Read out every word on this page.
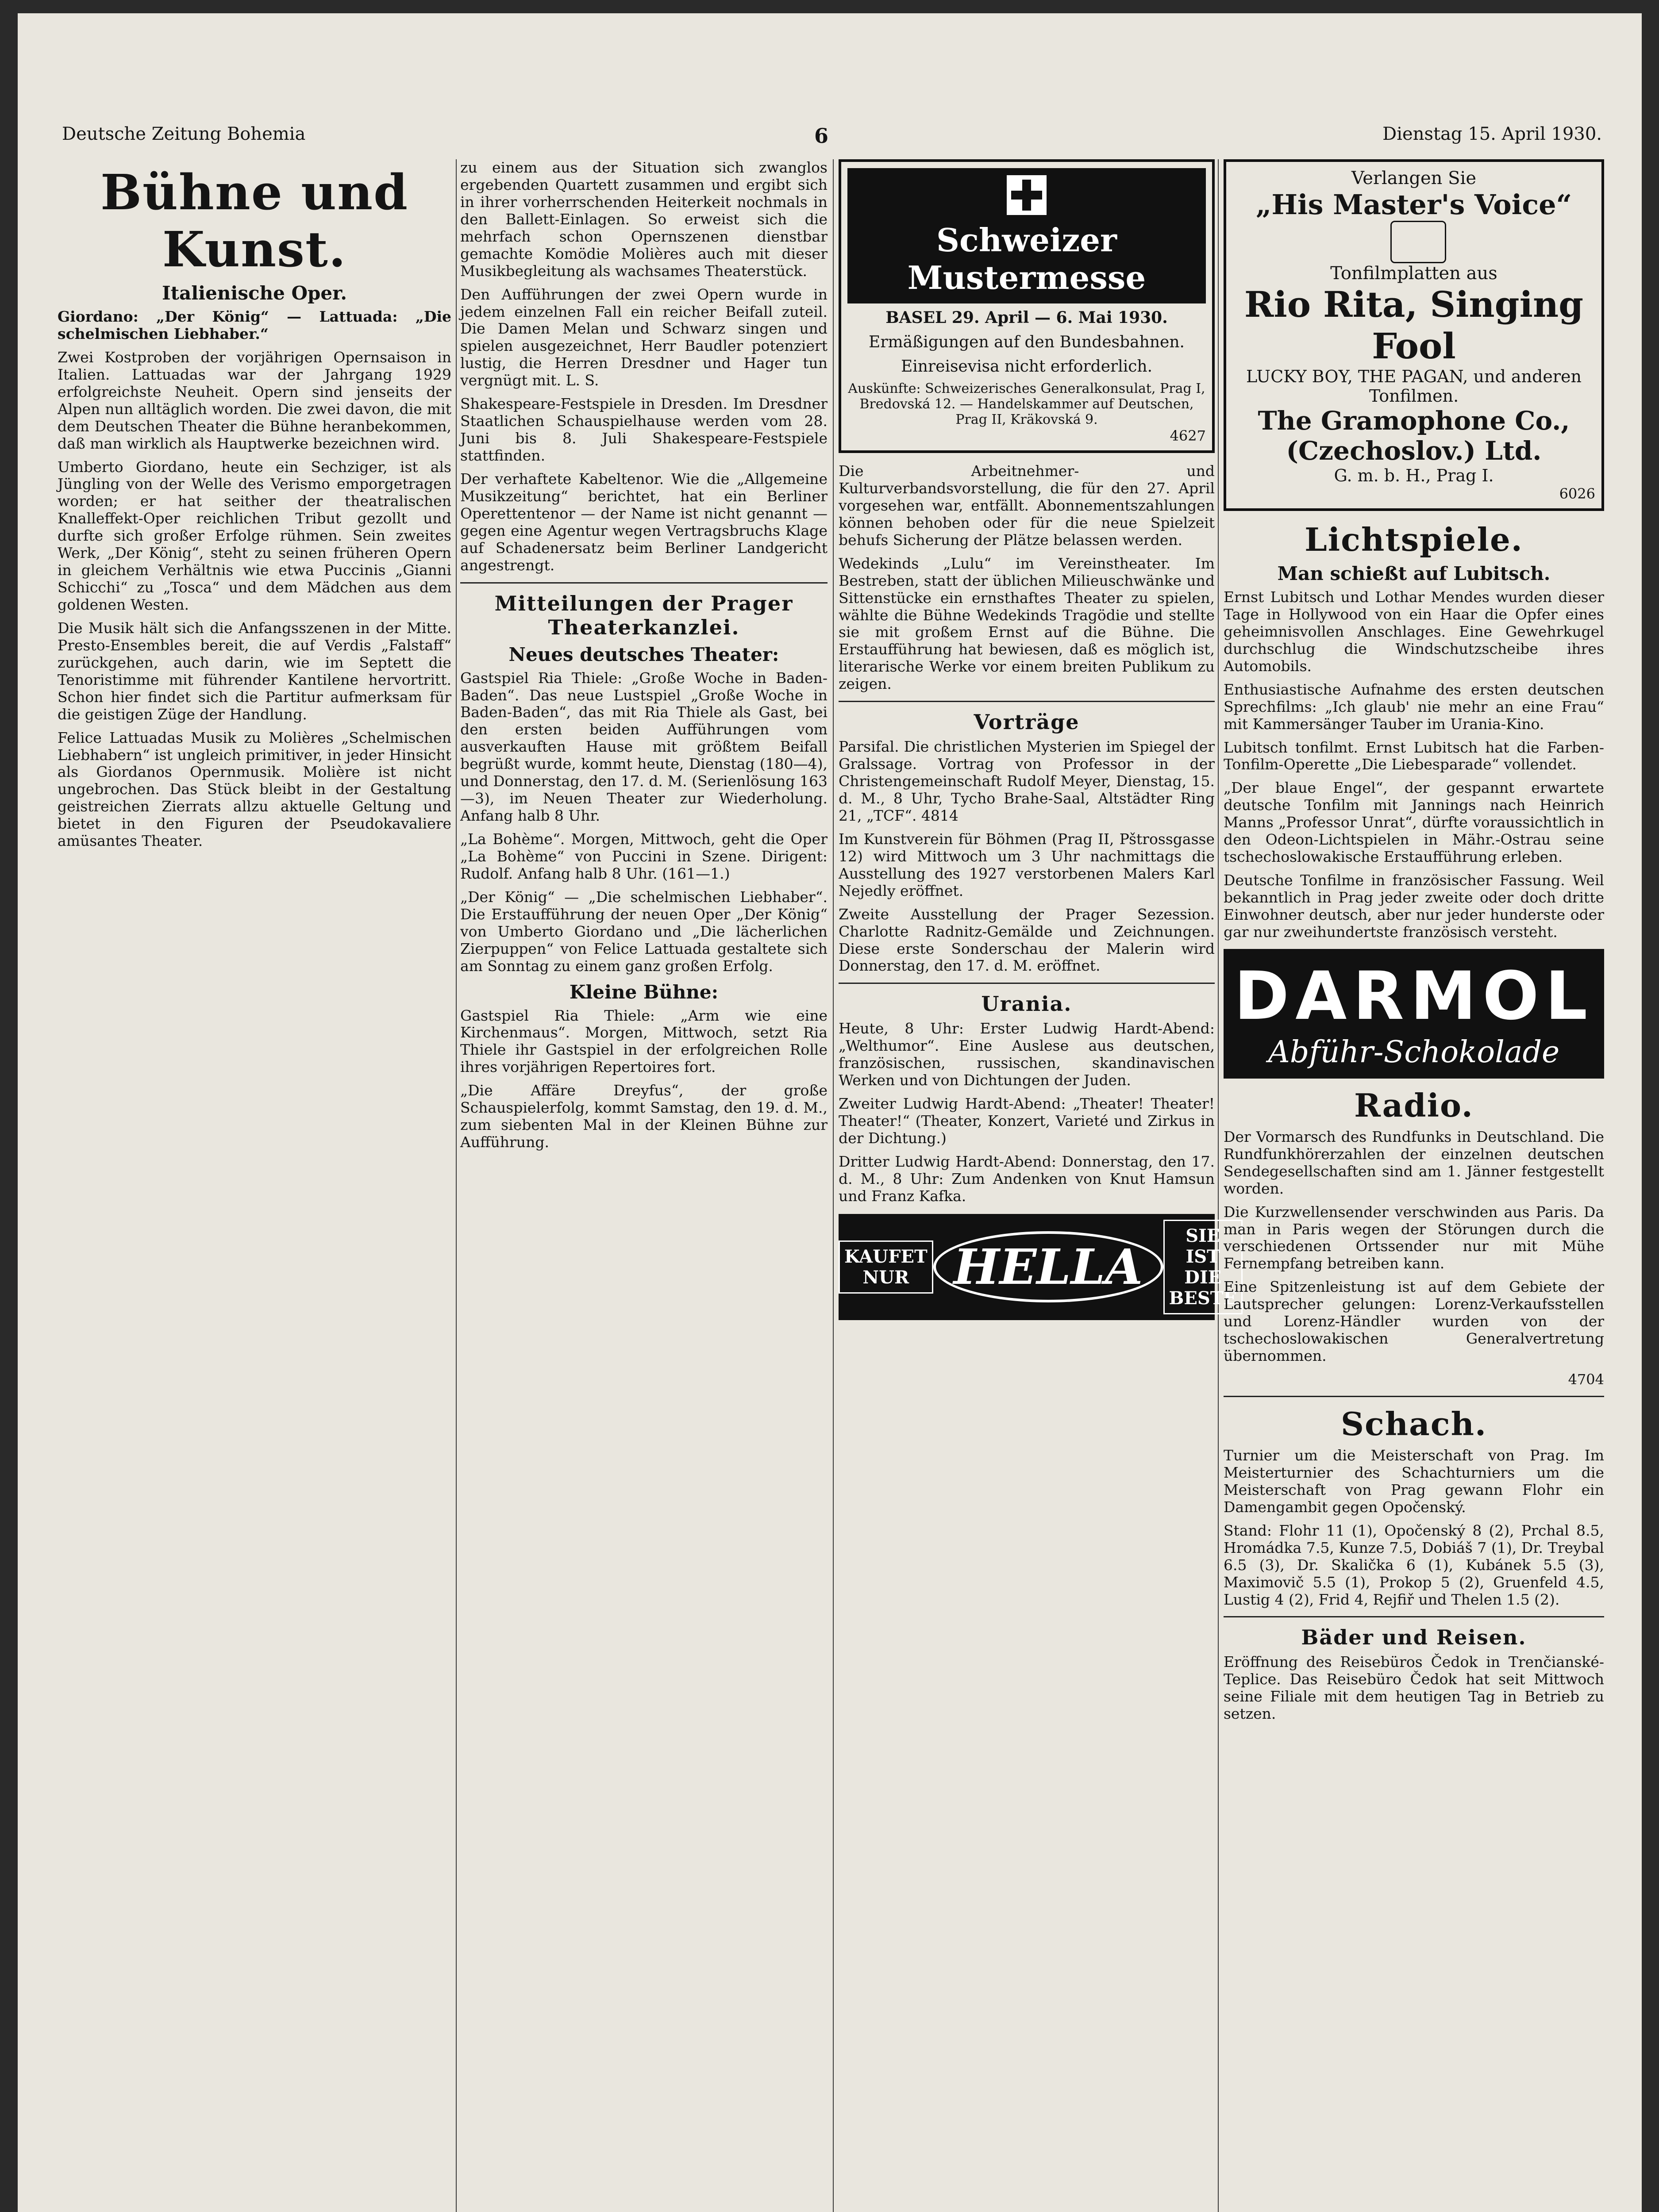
Deutsche Zeitung Bohemia	6	Dienstag 15. April 1930.
Bühne und Kunst.
Italienische Oper.

Giordano: „Der König“ — Lattuada: „Die schelmischen Liebhaber.“

Zwei Kostproben der vorjährigen Opernsaison in Italien. Lattuadas war der Jahrgang 1929 erfolgreichste Neuheit. Opern sind jenseits der Alpen nun alltäglich worden. Die zwei davon, die mit dem Deutschen Theater die Bühne heranbekommen, daß man wirklich als Hauptwerke bezeichnen wird.

Umberto Giordano, heute ein Sechziger, ist als Jüngling von der Welle des Verismo emporgetragen worden; er hat seither der theatralischen Knalleffekt-Oper reichlichen Tribut gezollt und durfte sich großer Erfolge rühmen. Sein zweites Werk, „Der König“, steht zu seinen früheren Opern in gleichem Verhältnis wie etwa Puccinis „Gianni Schicchi“ zu „Tosca“ und dem Mädchen aus dem goldenen Westen.

Die Musik hält sich die Anfangsszenen in der Mitte. Presto-Ensembles bereit, die auf Verdis „Falstaff“ zurückgehen, auch darin, wie im Septett die Tenoristimme mit führender Kantilene hervortritt. Schon hier findet sich die Partitur aufmerksam für die geistigen Züge der Handlung.

Felice Lattuadas Musik zu Molières „Schelmischen Liebhabern“ ist ungleich primitiver, in jeder Hinsicht als Giordanos Opernmusik. Molière ist nicht ungebrochen. Das Stück bleibt in der Gestaltung geistreichen Zierrats allzu aktuelle Geltung und bietet in den Figuren der Pseudokavaliere amüsantes Theater.

zu einem aus der Situation sich zwanglos ergebenden Quartett zusammen und ergibt sich in ihrer vorherrschenden Heiterkeit nochmals in den Ballett-Einlagen. So erweist sich die mehrfach schon Opernszenen dienstbar gemachte Komödie Molières auch mit dieser Musikbegleitung als wachsames Theaterstück.

Den Aufführungen der zwei Opern wurde in jedem einzelnen Fall ein reicher Beifall zuteil. Die Damen Melan und Schwarz singen und spielen ausgezeichnet, Herr Baudler potenziert lustig, die Herren Dresdner und Hager tun vergnügt mit. L. S.

Shakespeare-Festspiele in Dresden. Im Dresdner Staatlichen Schauspielhause werden vom 28. Juni bis 8. Juli Shakespeare-Festspiele stattfinden.

Der verhaftete Kabeltenor. Wie die „Allgemeine Musikzeitung“ berichtet, hat ein Berliner Operettentenor — der Name ist nicht genannt — gegen eine Agentur wegen Vertragsbruchs Klage auf Schadenersatz beim Berliner Landgericht angestrengt.

Mitteilungen der Prager Theaterkanzlei.
Neues deutsches Theater:

Gastspiel Ria Thiele: „Große Woche in Baden-Baden“. Das neue Lustspiel „Große Woche in Baden-Baden“, das mit Ria Thiele als Gast, bei den ersten beiden Aufführungen vom ausverkauften Hause mit größtem Beifall begrüßt wurde, kommt heute, Dienstag (180—4), und Donnerstag, den 17. d. M. (Serienlösung 163—3), im Neuen Theater zur Wiederholung. Anfang halb 8 Uhr.

„La Bohème“. Morgen, Mittwoch, geht die Oper „La Bohème“ von Puccini in Szene. Dirigent: Rudolf. Anfang halb 8 Uhr. (161—1.)

„Der König“ — „Die schelmischen Liebhaber“. Die Erstaufführung der neuen Oper „Der König“ von Umberto Giordano und „Die lächerlichen Zierpuppen“ von Felice Lattuada gestaltete sich am Sonntag zu einem ganz großen Erfolg.

Kleine Bühne:

Gastspiel Ria Thiele: „Arm wie eine Kirchenmaus“. Morgen, Mittwoch, setzt Ria Thiele ihr Gastspiel in der erfolgreichen Rolle ihres vorjährigen Repertoires fort.

„Die Affäre Dreyfus“, der große Schauspielerfolg, kommt Samstag, den 19. d. M., zum siebenten Mal in der Kleinen Bühne zur Aufführung.

Schweizer Mustermesse
BASEL 29. April — 6. Mai 1930.
Ermäßigungen auf den Bundesbahnen.
Einreisevisa nicht erforderlich.
Auskünfte: Schweizerisches Generalkonsulat, Prag I, Bredovská 12. — Handelskammer auf Deutschen, Prag II, Kräkovská 9.
4627

Die Arbeitnehmer- und Kulturverbandsvorstellung, die für den 27. April vorgesehen war, entfällt. Abonnementszahlungen können behoben oder für die neue Spielzeit behufs Sicherung der Plätze belassen werden.

Wedekinds „Lulu“ im Vereinstheater. Im Bestreben, statt der üblichen Milieuschwänke und Sittenstücke ein ernsthaftes Theater zu spielen, wählte die Bühne Wedekinds Tragödie und stellte sie mit großem Ernst auf die Bühne. Die Erstaufführung hat bewiesen, daß es möglich ist, literarische Werke vor einem breiten Publikum zu zeigen.

Vorträge

Parsifal. Die christlichen Mysterien im Spiegel der Gralssage. Vortrag von Professor in der Christengemeinschaft Rudolf Meyer, Dienstag, 15. d. M., 8 Uhr, Tycho Brahe-Saal, Altstädter Ring 21, „TCF“. 4814

Im Kunstverein für Böhmen (Prag II, Pštrossgasse 12) wird Mittwoch um 3 Uhr nachmittags die Ausstellung des 1927 verstorbenen Malers Karl Nejedly eröffnet.

Zweite Ausstellung der Prager Sezession. Charlotte Radnitz-Gemälde und Zeichnungen. Diese erste Sonderschau der Malerin wird Donnerstag, den 17. d. M. eröffnet.

Urania.

Heute, 8 Uhr: Erster Ludwig Hardt-Abend: „Welthumor“. Eine Auslese aus deutschen, französischen, russischen, skandinavischen Werken und von Dichtungen der Juden.

Zweiter Ludwig Hardt-Abend: „Theater! Theater! Theater!“ (Theater, Konzert, Varieté und Zirkus in der Dichtung.)

Dritter Ludwig Hardt-Abend: Donnerstag, den 17. d. M., 8 Uhr: Zum Andenken von Knut Hamsun und Franz Kafka.

KAUFET NUR HELLA
SIE IST DIE BESTE
Verlangen Sie
„His Master's Voice“
Tonfilmplatten aus
Rio Rita, Singing Fool
LUCKY BOY, THE PAGAN, und anderen Tonfilmen.
The Gramophone Co., (Czechoslov.) Ltd.
G. m. b. H., Prag I.
6026
Lichtspiele.
Man schießt auf Lubitsch.

Ernst Lubitsch und Lothar Mendes wurden dieser Tage in Hollywood von ein Haar die Opfer eines geheimnisvollen Anschlages. Eine Gewehrkugel durchschlug die Windschutzscheibe ihres Automobils.

Enthusiastische Aufnahme des ersten deutschen Sprechfilms: „Ich glaub' nie mehr an eine Frau“ mit Kammersänger Tauber im Urania-Kino.

Lubitsch tonfilmt. Ernst Lubitsch hat die Farben-Tonfilm-Operette „Die Liebesparade“ vollendet.

„Der blaue Engel“, der gespannt erwartete deutsche Tonfilm mit Jannings nach Heinrich Manns „Professor Unrat“, dürfte voraussichtlich in den Odeon-Lichtspielen in Mähr.-Ostrau seine tschechoslowakische Erstaufführung erleben.

Deutsche Tonfilme in französischer Fassung. Weil bekanntlich in Prag jeder zweite oder doch dritte Einwohner deutsch, aber nur jeder hunderste oder gar nur zweihundertste französisch versteht.

DARMOL
Abführ-Schokolade
Radio.

Der Vormarsch des Rundfunks in Deutschland. Die Rundfunkhörerzahlen der einzelnen deutschen Sendegesellschaften sind am 1. Jänner festgestellt worden.

Die Kurzwellensender verschwinden aus Paris. Da man in Paris wegen der Störungen durch die verschiedenen Ortssender nur mit Mühe Fernempfang betreiben kann.

Eine Spitzenleistung ist auf dem Gebiete der Lautsprecher gelungen: Lorenz-Verkaufsstellen und Lorenz-Händler wurden von der tschechoslowakischen Generalvertretung übernommen.

4704
Schach.

Turnier um die Meisterschaft von Prag. Im Meisterturnier des Schachturniers um die Meisterschaft von Prag gewann Flohr ein Damengambit gegen Opočenský.

Stand: Flohr 11 (1), Opočenský 8 (2), Prchal 8.5, Hromádka 7.5, Kunze 7.5, Dobiáš 7 (1), Dr. Treybal 6.5 (3), Dr. Skalička 6 (1), Kubánek 5.5 (3), Maximovič 5.5 (1), Prokop 5 (2), Gruenfeld 4.5, Lustig 4 (2), Frid 4, Rejfiř und Thelen 1.5 (2).

Bäder und Reisen.

Eröffnung des Reisebüros Čedok in Trenčianské-Teplice. Das Reisebüro Čedok hat seit Mittwoch seine Filiale mit dem heutigen Tag in Betrieb zu setzen.
